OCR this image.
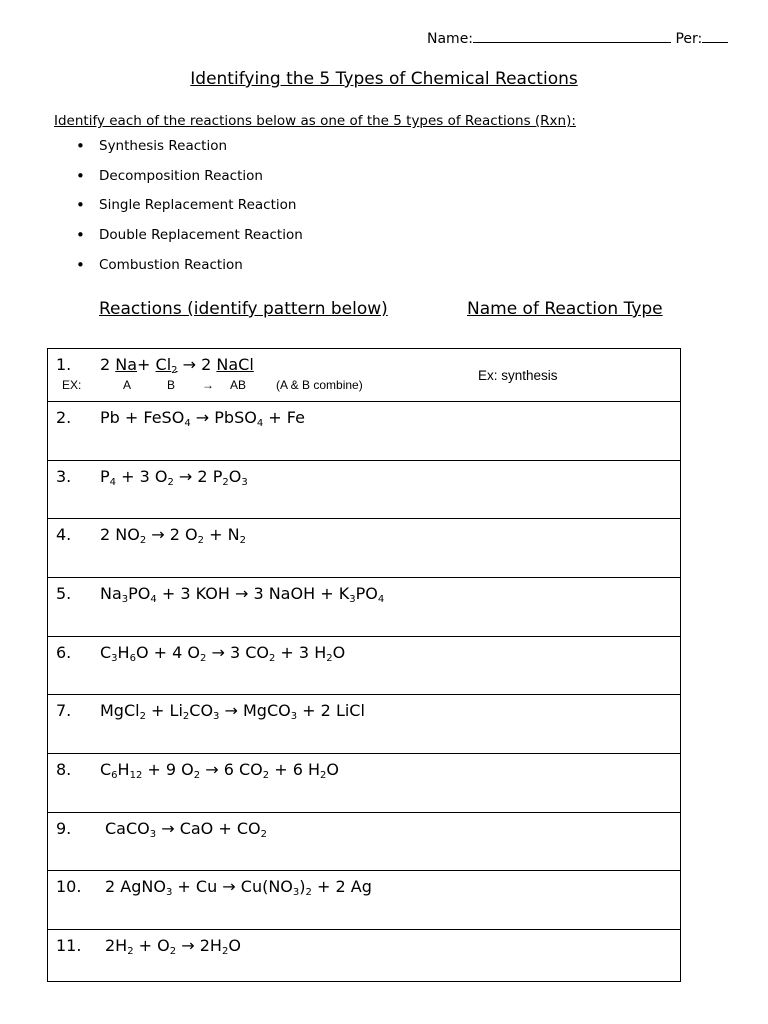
Name:	Per:
Identifying the 5 Types of Chemical Reactions
Identify each of the reactions below as one of the 5 types of Reactions (Rxn):
•	Synthesis Reaction
•	Decomposition Reaction
•	Single Replacement Reaction
•	Double Replacement Reaction
•	Combustion Reaction
Reactions (identify pattern below)	Name of Reaction Type
1. 2 $Na+ Cl_2 \to 2$ NaCl
EX:	A	B → AB (A & B combine)
Ex: synthesis
2. Pb + FeSO$_4$ → PbSO$_4$ + Fe
3. $P_4 + 3$ $O_2 \to 2$ $P_2O_3$
4. 2 $NO_2 \to 2$ $O_2 + N_2$
5. $Na_3PO_4 + 3$ KOH → 3 NaOH + $K_3PO_4$
6. $C_3H_6O + 4$ $O_2 \to 3$ $CO_2 + 3$ $H_2O$
7. MgCl$_2$ + $Li_2CO_3$ → MgCO$_3$ + 2 LiCl
8. $C_6H_{12} + 9$ $O_2 \to 6$ $CO_2 + 6$ $H_2O$
9. CaCO$_3$ → CaO + $CO_2$
10. 2 AgNO$_3$ + $Cu \to Cu(NO_3)_2 + 2$ Ag
11. $2H_2 + O_2 \to 2H_2O$
